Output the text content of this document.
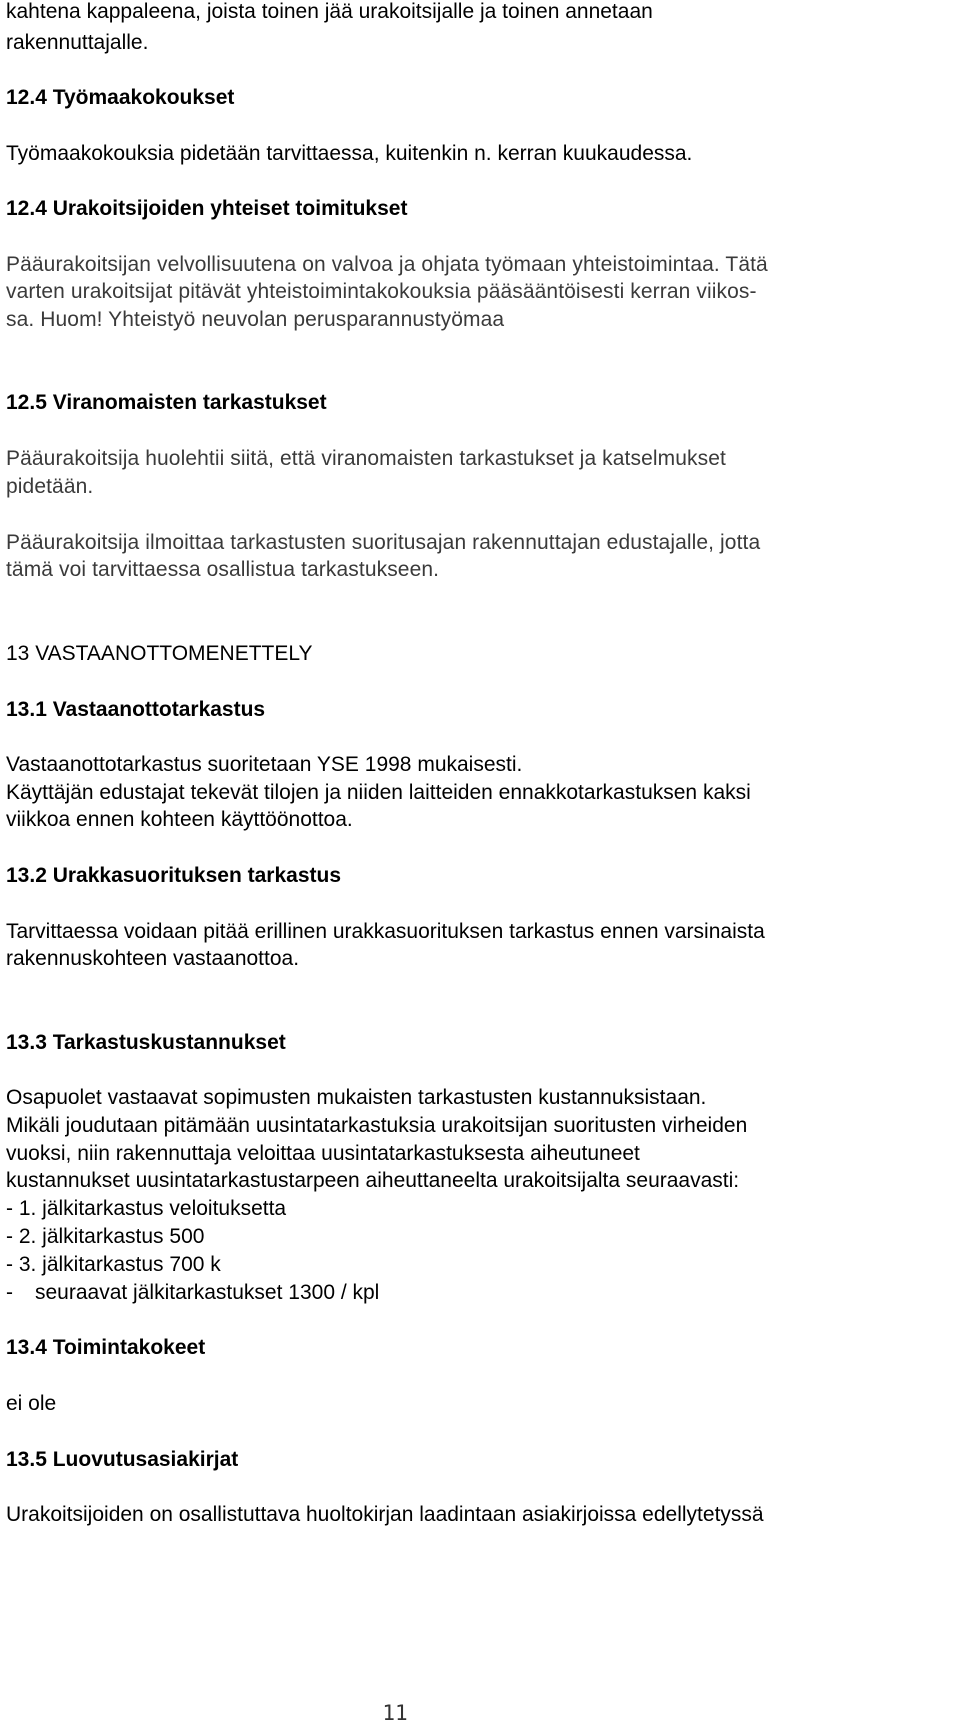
kahtena kappaleena, joista toinen jää urakoitsijalle ja toinen annetaan
rakennuttajalle.
12.4 Työmaakokoukset
Työmaakokouksia pidetään tarvittaessa, kuitenkin n. kerran kuukaudessa.
12.4 Urakoitsijoiden yhteiset toimitukset
Pääurakoitsijan velvollisuutena on valvoa ja ohjata työmaan yhteistoimintaa. Tätä
varten urakoitsijat pitävät yhteistoimintakokouksia pääsääntöisesti kerran viikos-
sa. Huom! Yhteistyö neuvolan perusparannustyömaa
12.5 Viranomaisten tarkastukset
Pääurakoitsija huolehtii siitä, että viranomaisten tarkastukset ja katselmukset
pidetään.
Pääurakoitsija ilmoittaa tarkastusten suoritusajan rakennuttajan edustajalle, jotta
tämä voi tarvittaessa osallistua tarkastukseen.
13 VASTAANOTTOMENETTELY
13.1 Vastaanottotarkastus
Vastaanottotarkastus suoritetaan YSE 1998 mukaisesti.
Käyttäjän edustajat tekevät tilojen ja niiden laitteiden ennakkotarkastuksen kaksi
viikkoa ennen kohteen käyttöönottoa.
13.2 Urakkasuorituksen tarkastus
Tarvittaessa voidaan pitää erillinen urakkasuorituksen tarkastus ennen varsinaista
rakennuskohteen vastaanottoa.
13.3 Tarkastuskustannukset
Osapuolet vastaavat sopimusten mukaisten tarkastusten kustannuksistaan.
Mikäli joudutaan pitämään uusintatarkastuksia urakoitsijan suoritusten virheiden
vuoksi, niin rakennuttaja veloittaa uusintatarkastuksesta aiheutuneet
kustannukset uusintatarkastustarpeen aiheuttaneelta urakoitsijalta seuraavasti:
- 1. jälkitarkastus veloituksetta
- 2. jälkitarkastus 500
- 3. jälkitarkastus 700 k
- seuraavat jälkitarkastukset 1300 / kpl
13.4 Toimintakokeet
ei ole
13.5 Luovutusasiakirjat
Urakoitsijoiden on osallistuttava huoltokirjan laadintaan asiakirjoissa edellytetyssä
11
